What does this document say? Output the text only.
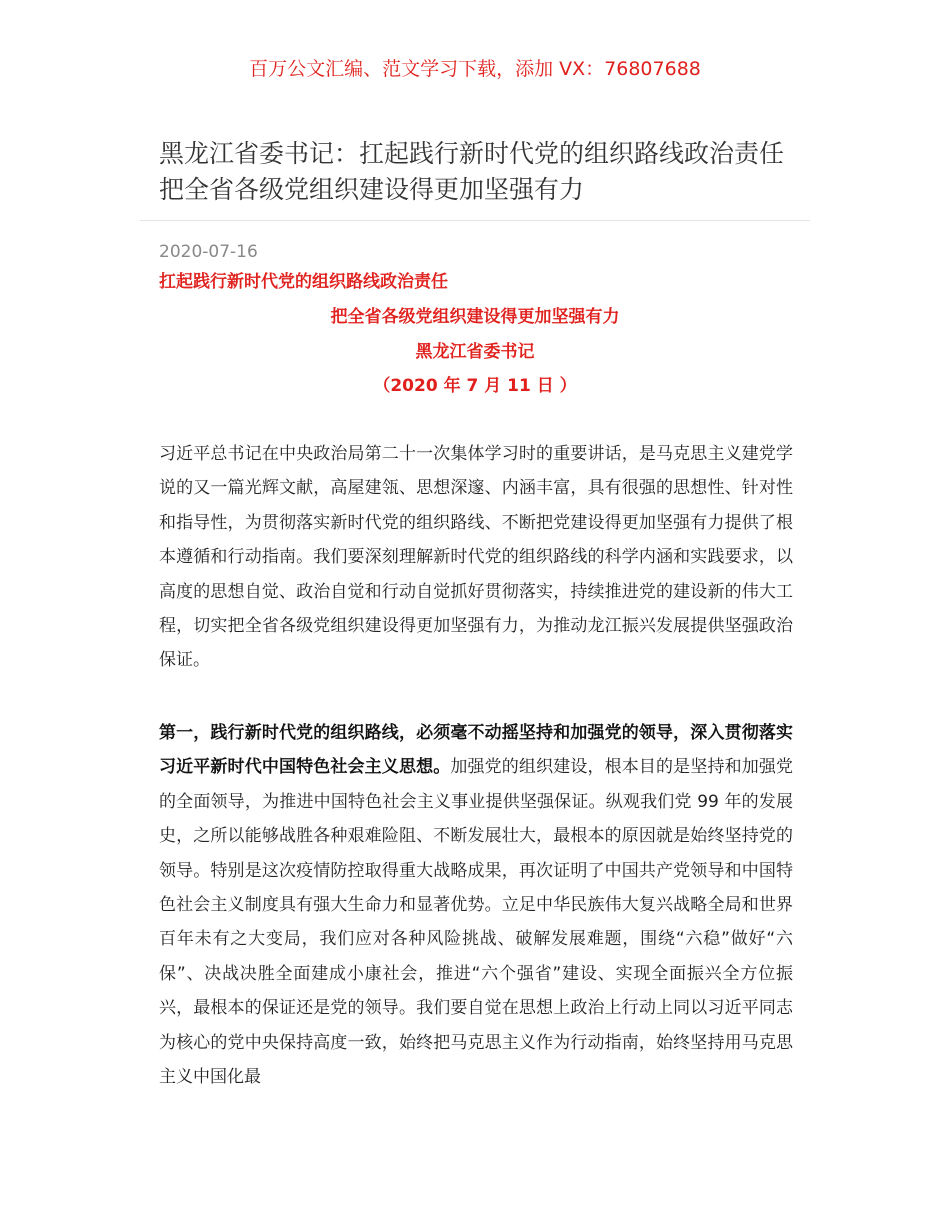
百万公文汇编、范文学习下载，添加 VX：76807688
黑龙江省委书记：扛起践行新时代党的组织路线政治责任 把全省各级党组织建设得更加坚强有力
2020-07-16
扛起践行新时代党的组织路线政治责任
把全省各级党组织建设得更加坚强有力
黑龙江省委书记
（2020 年 7 月 11 日 ）

习近平总书记在中央政治局第二十一次集体学习时的重要讲话，是马克思主义建党学说的又一篇光辉文献，高屋建瓴、思想深邃、内涵丰富，具有很强的思想性、针对性和指导性，为贯彻落实新时代党的组织路线、不断把党建设得更加坚强有力提供了根本遵循和行动指南。我们要深刻理解新时代党的组织路线的科学内涵和实践要求，以高度的思想自觉、政治自觉和行动自觉抓好贯彻落实，持续推进党的建设新的伟大工程，切实把全省各级党组织建设得更加坚强有力，为推动龙江振兴发展提供坚强政治保证。

第一，践行新时代党的组织路线，必须毫不动摇坚持和加强党的领导，深入贯彻落实习近平新时代中国特色社会主义思想。加强党的组织建设，根本目的是坚持和加强党的全面领导，为推进中国特色社会主义事业提供坚强保证。纵观我们党 99 年的发展史，之所以能够战胜各种艰难险阻、不断发展壮大，最根本的原因就是始终坚持党的领导。特别是这次疫情防控取得重大战略成果，再次证明了中国共产党领导和中国特色社会主义制度具有强大生命力和显著优势。立足中华民族伟大复兴战略全局和世界百年未有之大变局，我们应对各种风险挑战、破解发展难题，围绕“六稳”做好“六保”、决战决胜全面建成小康社会，推进“六个强省”建设、实现全面振兴全方位振兴，最根本的保证还是党的领导。我们要自觉在思想上政治上行动上同以习近平同志为核心的党中央保持高度一致，始终把马克思主义作为行动指南，始终坚持用马克思主义中国化最
